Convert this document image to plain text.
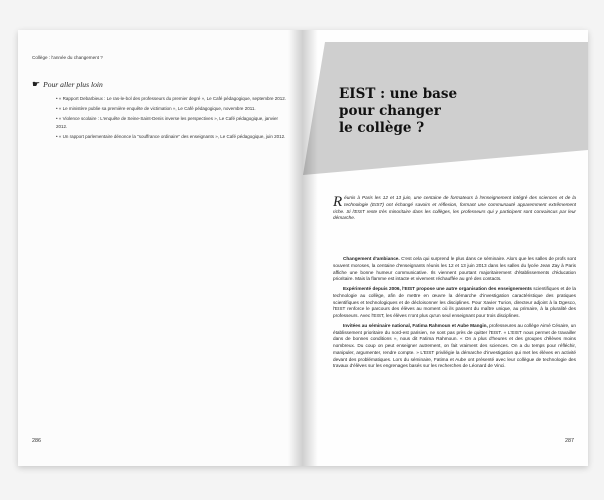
Collège : l'année du changement ?
☛ Pour aller plus loin
• « Rapport Debarbieux : Le ras-le-bol des professeurs du premier degré », Le Café pédagogique, septembre 2012.
• « Le ministère publie sa première enquête de victimation », Le Café pédagogique, novembre 2011.
• « Violence scolaire : L'enquête de Seine-Saint-Denis inverse les perspectives », Le Café pédagogique, janvier 2012.
• « Un rapport parlementaire dénonce la "souffrance ordinaire" des enseignants », Le Café pédagogique, juin 2012.
286
EIST : une base
pour changer
le collège ?
Réunis à Paris les 12 et 13 juin, une centaine de formateurs à l'enseignement intégré des sciences et de la technologie (EIST) ont échangé savoirs et réflexion, formant une communauté apparemment extrêmement riche. Si l'EIST reste très minoritaire dans les collèges, les professeurs qui y participent sont convaincus par leur démarche.

Changement d'ambiance. C'est cela qui surprend le plus dans ce séminaire. Alors que les salles de profs sont souvent moroses, la centaine d'enseignants réunis les 12 et 13 juin 2013 dans les salles du lycée Jean Zay à Paris affiche une bonne humeur communicative. Ils viennent pourtant majoritairement d'établissements d'éducation prioritaire. Mais la flamme est intacte et vivement réchauffée au gré des contacts.

Expérimenté depuis 2006, l'EIST propose une autre organisation des enseignements scientifiques et de la technologie au collège, afin de mettre en œuvre la démarche d'investigation caractéristique des pratiques scientifiques et technologiques et de décloisonner les disciplines. Pour Xavier Turion, directeur adjoint à la Dgesco, l'EIST renforce le parcours des élèves au moment où ils passent du maître unique, au primaire, à la pluralité des professeurs. Avec l'EIST, les élèves n'ont plus qu'un seul enseignant pour trois disciplines.

Invitées au séminaire national, Fatima Rahmoun et Aube Mangin, professeures au collège Aimé Césaire, un établissement prioritaire du nord-est parisien, ne sont pas près de quitter l'EIST. « L'EIST nous permet de travailler dans de bonnes conditions », nous dit Fatima Rahmoun. « On a plus d'heures et des groupes d'élèves moins nombreux. Du coup on peut enseigner autrement, on fait vraiment des sciences. On a du temps pour réfléchir, manipuler, argumenter, rendre compte. » L'EIST privilégie la démarche d'investigation qui met les élèves en activité devant des problématiques. Lors du séminaire, Fatima et Aube ont présenté avec leur collègue de technologie des travaux d'élèves sur les engrenages basés sur les recherches de Léonard de Vinci.

287
